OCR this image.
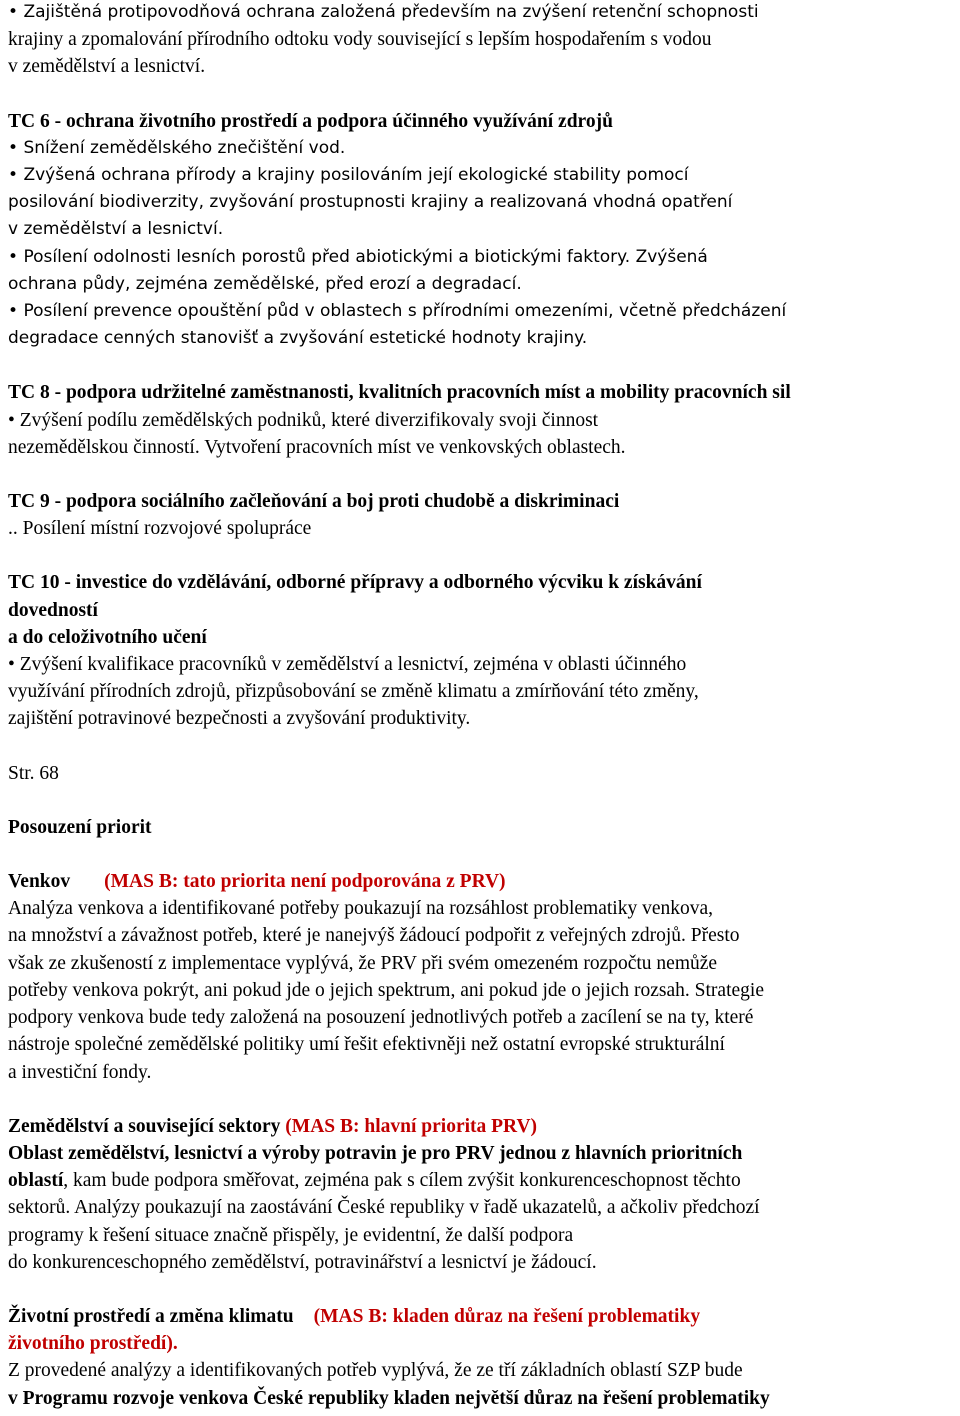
• Zajištěná protipovodňová ochrana založená především na zvýšení retenční schopnosti

krajiny a zpomalování přírodního odtoku vody související s lepším hospodařením s vodou

v zemědělství a lesnictví.

TC 6 - ochrana životního prostředí a podpora účinného využívání zdrojů

• Snížení zemědělského znečištění vod.

• Zvýšená ochrana přírody a krajiny posilováním její ekologické stability pomocí

posilování biodiverzity, zvyšování prostupnosti krajiny a realizovaná vhodná opatření

v zemědělství a lesnictví.

• Posílení odolnosti lesních porostů před abiotickými a biotickými faktory. Zvýšená

ochrana půdy, zejména zemědělské, před erozí a degradací.

• Posílení prevence opouštění půd v oblastech s přírodními omezeními, včetně předcházení

degradace cenných stanovišť a zvyšování estetické hodnoty krajiny.

TC 8 - podpora udržitelné zaměstnanosti, kvalitních pracovních míst a mobility pracovních sil

• Zvýšení podílu zemědělských podniků, které diverzifikovaly svoji činnost

nezemědělskou činností. Vytvoření pracovních míst ve venkovských oblastech.

TC 9 - podpora sociálního začleňování a boj proti chudobě a diskriminaci

.. Posílení místní rozvojové spolupráce

TC 10 - investice do vzdělávání, odborné přípravy a odborného výcviku k získávání

dovedností

a do celoživotního učení

• Zvýšení kvalifikace pracovníků v zemědělství a lesnictví, zejména v oblasti účinného

využívání přírodních zdrojů, přizpůsobování se změně klimatu a zmírňování této změny,

zajištění potravinové bezpečnosti a zvyšování produktivity.

Str. 68

Posouzení priorit

Venkov (MAS B: tato priorita není podporována z PRV)

Analýza venkova a identifikované potřeby poukazují na rozsáhlost problematiky venkova,

na množství a závažnost potřeb, které je nanejvýš žádoucí podpořit z veřejných zdrojů. Přesto

však ze zkušeností z implementace vyplývá, že PRV při svém omezeném rozpočtu nemůže

potřeby venkova pokrýt, ani pokud jde o jejich spektrum, ani pokud jde o jejich rozsah. Strategie

podpory venkova bude tedy založená na posouzení jednotlivých potřeb a zacílení se na ty, které

nástroje společné zemědělské politiky umí řešit efektivněji než ostatní evropské strukturální

a investiční fondy.

Zemědělství a související sektory (MAS B: hlavní priorita PRV)

Oblast zemědělství, lesnictví a výroby potravin je pro PRV jednou z hlavních prioritních

oblastí, kam bude podpora směřovat, zejména pak s cílem zvýšit konkurenceschopnost těchto

sektorů. Analýzy poukazují na zaostávání České republiky v řadě ukazatelů, a ačkoliv předchozí

programy k řešení situace značně přispěly, je evidentní, že další podpora

do konkurenceschopného zemědělství, potravinářství a lesnictví je žádoucí.

Životní prostředí a změna klimatu (MAS B: kladen důraz na řešení problematiky

životního prostředí).

Z provedené analýzy a identifikovaných potřeb vyplývá, že ze tří základních oblastí SZP bude

v Programu rozvoje venkova České republiky kladen největší důraz na řešení problematiky
